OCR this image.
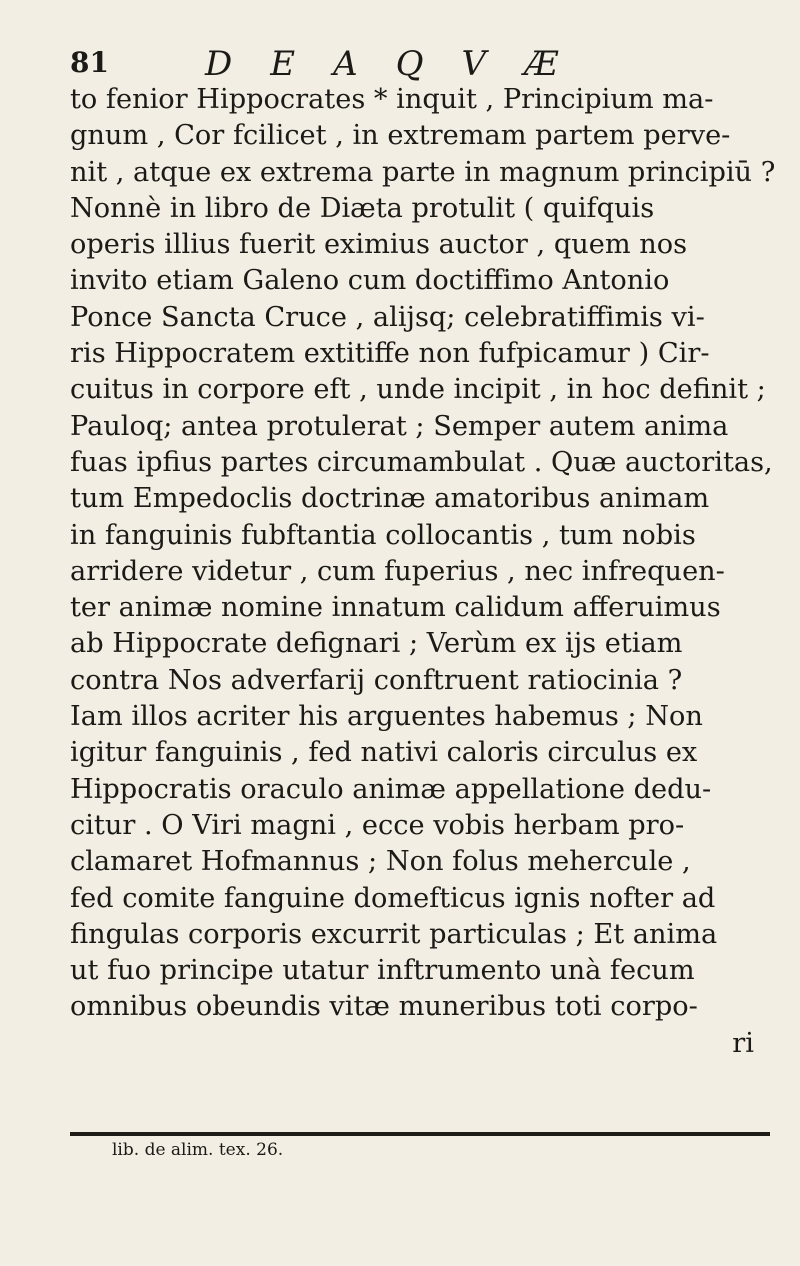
81	DEAQVÆ
to fenior Hippocrates * inquit , Principium ma-
gnum , Cor fcilicet , in extremam partem perve-
nit , atque ex extrema parte in magnum principiū ?
Nonnè in libro de Diæta protulit ( quifquis
operis illius fuerit eximius auctor , quem nos
invito etiam Galeno cum doctiffimo Antonio
Ponce Sancta Cruce , alijsq; celebratiffimis vi-
ris Hippocratem extitiffe non fufpicamur ) Cir-
cuitus in corpore eft , unde incipit , in hoc definit ;
Pauloq; antea protulerat ; Semper autem anima
fuas ipfius partes circumambulat . Quæ auctoritas,
tum Empedoclis doctrinæ amatoribus animam
in fanguinis fubftantia collocantis , tum nobis
arridere videtur , cum fuperius , nec infrequen-
ter animæ nomine innatum calidum afferuimus
ab Hippocrate defignari ; Verùm ex ijs etiam
contra Nos adverfarij conftruent ratiocinia ?
Iam illos acriter his arguentes habemus ; Non
igitur fanguinis , fed nativi caloris circulus ex
Hippocratis oraculo animæ appellatione dedu-
citur . O Viri magni , ecce vobis herbam pro-
clamaret Hofmannus ; Non folus mehercule ,
fed comite fanguine domefticus ignis nofter ad
fingulas corporis excurrit particulas ; Et anima
ut fuo principe utatur inftrumento unà fecum
omnibus obeundis vitæ muneribus toti corpo-
ri
lib. de alim. tex. 26.
